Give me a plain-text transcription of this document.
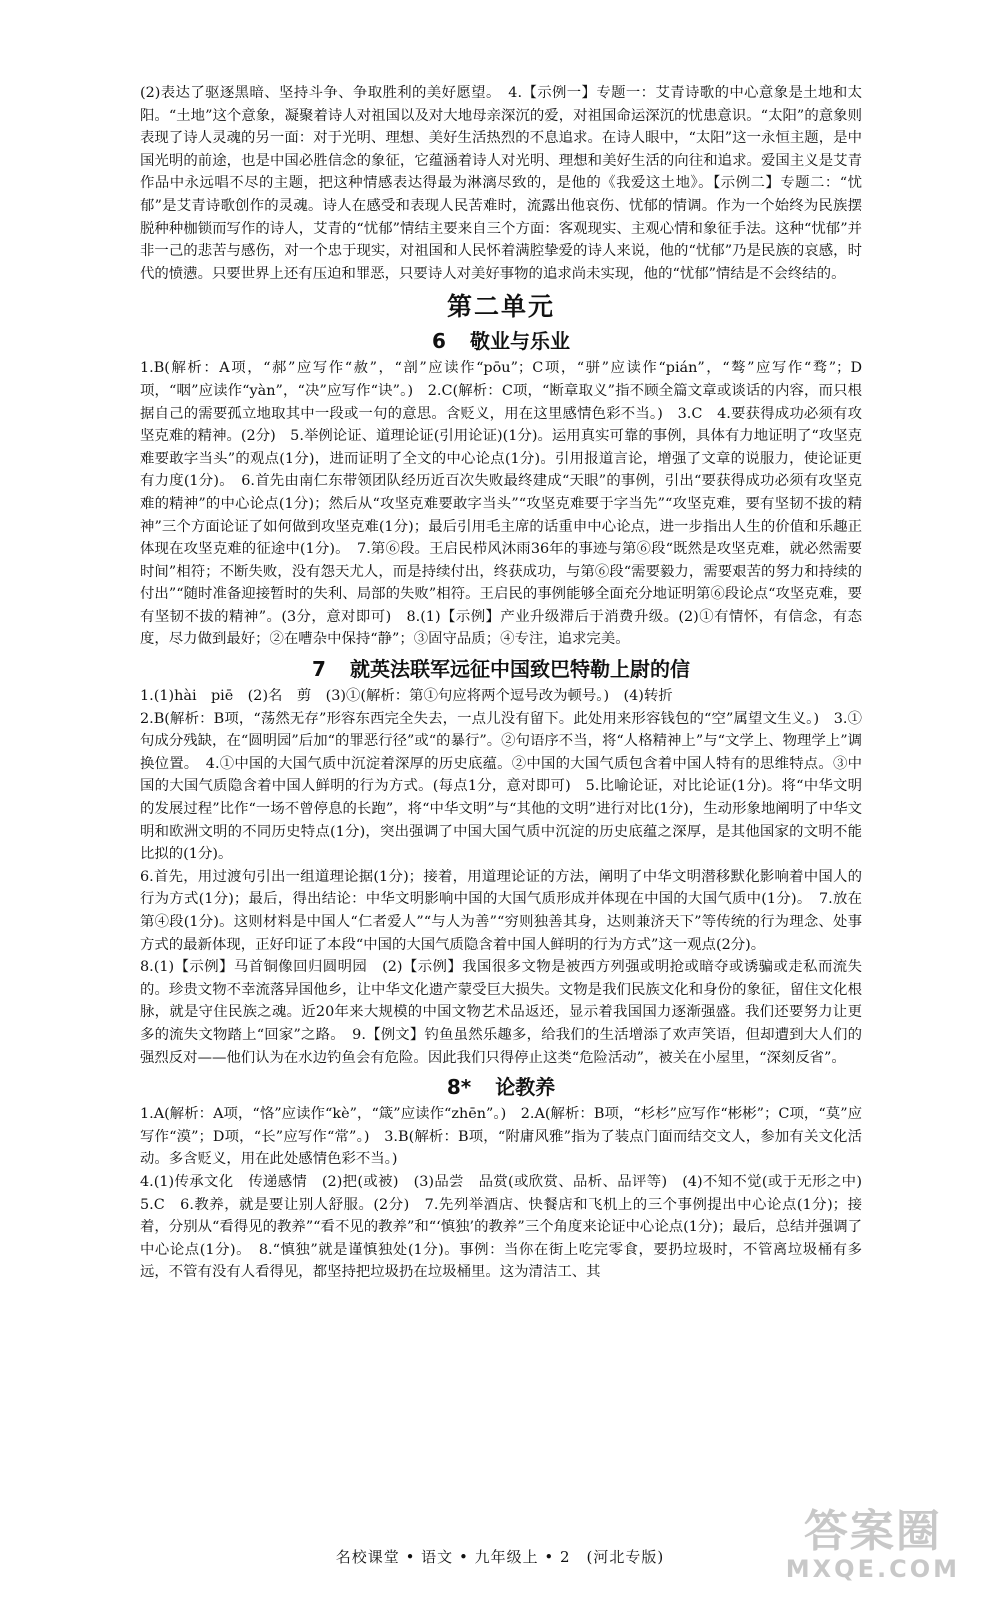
(2)表达了驱逐黑暗、坚持斗争、争取胜利的美好愿望。　4.【示例一】专题一：艾青诗歌的中心意象是土地和太阳。“土地”这个意象，凝聚着诗人对祖国以及对大地母亲深沉的爱，对祖国命运深沉的忧患意识。“太阳”的意象则表现了诗人灵魂的另一面：对于光明、理想、美好生活热烈的不息追求。在诗人眼中，“太阳”这一永恒主题，是中国光明的前途，也是中国必胜信念的象征，它蕴涵着诗人对光明、理想和美好生活的向往和追求。爱国主义是艾青作品中永远唱不尽的主题，把这种情感表达得最为淋漓尽致的，是他的《我爱这土地》。【示例二】专题二：“忧郁”是艾青诗歌创作的灵魂。诗人在感受和表现人民苦难时，流露出他哀伤、忧郁的情调。作为一个始终为民族摆脱种种枷锁而写作的诗人，艾青的“忧郁”情结主要来自三个方面：客观现实、主观心情和象征手法。这种“忧郁”并非一己的悲苦与感伤，对一个忠于现实，对祖国和人民怀着满腔挚爱的诗人来说，他的“忧郁”乃是民族的哀感，时代的愤懑。只要世界上还有压迫和罪恶，只要诗人对美好事物的追求尚未实现，他的“忧郁”情结是不会终结的。

第二单元
6 敬业与乐业

1.B(解析：A项，“郝”应写作“赦”，“剖”应读作“pōu”；C项，“骈”应读作“pián”，“骜”应写作“骛”；D项，“咽”应读作“yàn”，“决”应写作“诀”。)　2.C(解析：C项，“断章取义”指不顾全篇文章或谈话的内容，而只根据自己的需要孤立地取其中一段或一句的意思。含贬义，用在这里感情色彩不当。)　3.C　4.要获得成功必须有攻坚克难的精神。(2分)　5.举例论证、道理论证(引用论证)(1分)。运用真实可靠的事例，具体有力地证明了“攻坚克难要敢字当头”的观点(1分)，进而证明了全文的中心论点(1分)。引用报道言论，增强了文章的说服力，使论证更有力度(1分)。　6.首先由南仁东带领团队经历近百次失败最终建成“天眼”的事例，引出“要获得成功必须有攻坚克难的精神”的中心论点(1分)；然后从“攻坚克难要敢字当头”“攻坚克难要于字当先”“攻坚克难，要有坚韧不拔的精神”三个方面论证了如何做到攻坚克难(1分)；最后引用毛主席的话重申中心论点，进一步指出人生的价值和乐趣正体现在攻坚克难的征途中(1分)。　7.第⑥段。王启民栉风沐雨36年的事迹与第⑥段“既然是攻坚克难，就必然需要时间”相符；不断失败，没有怨天尤人，而是持续付出，终获成功，与第⑥段“需要毅力，需要艰苦的努力和持续的付出”“随时准备迎接暂时的失利、局部的失败”相符。王启民的事例能够全面充分地证明第⑥段论点“攻坚克难，要有坚韧不拔的精神”。(3分，意对即可)　8.(1)【示例】产业升级滞后于消费升级。(2)①有情怀，有信念，有态度，尽力做到最好；②在嘈杂中保持“静”；③固守品质；④专注，追求完美。

7 就英法联军远征中国致巴特勒上尉的信

1.(1)hài　piē　(2)名　剪　(3)①(解析：第①句应将两个逗号改为顿号。)　(4)转折

2.B(解析：B项，“荡然无存”形容东西完全失去，一点儿没有留下。此处用来形容钱包的“空”属望文生义。)　3.①句成分残缺，在“圆明园”后加“的罪恶行径”或“的暴行”。②句语序不当，将“人格精神上”与“文学上、物理学上”调换位置。　4.①中国的大国气质中沉淀着深厚的历史底蕴。②中国的大国气质包含着中国人特有的思维特点。③中国的大国气质隐含着中国人鲜明的行为方式。(每点1分，意对即可)　5.比喻论证，对比论证(1分)。将“中华文明的发展过程”比作“一场不曾停息的长跑”，将“中华文明”与“其他的文明”进行对比(1分)，生动形象地阐明了中华文明和欧洲文明的不同历史特点(1分)，突出强调了中国大国气质中沉淀的历史底蕴之深厚，是其他国家的文明不能比拟的(1分)。

6.首先，用过渡句引出一组道理论据(1分)；接着，用道理论证的方法，阐明了中华文明潜移默化影响着中国人的行为方式(1分)；最后，得出结论：中华文明影响中国的大国气质形成并体现在中国的大国气质中(1分)。　7.放在第④段(1分)。这则材料是中国人“仁者爱人”“与人为善”“穷则独善其身，达则兼济天下”等传统的行为理念、处事方式的最新体现，正好印证了本段“中国的大国气质隐含着中国人鲜明的行为方式”这一观点(2分)。

8.(1)【示例】马首铜像回归圆明园　(2)【示例】我国很多文物是被西方列强或明抢或暗夺或诱骗或走私而流失的。珍贵文物不幸流落异国他乡，让中华文化遗产蒙受巨大损失。文物是我们民族文化和身份的象征，留住文化根脉，就是守住民族之魂。近20年来大规模的中国文物艺术品返还，显示着我国国力逐渐强盛。我们还要努力让更多的流失文物踏上“回家”之路。　9.【例文】钓鱼虽然乐趣多，给我们的生活增添了欢声笑语，但却遭到大人们的强烈反对——他们认为在水边钓鱼会有危险。因此我们只得停止这类“危险活动”，被关在小屋里，“深刻反省”。

8* 论教养

1.A(解析：A项，“恪”应读作“kè”，“箴”应读作“zhēn”。)　2.A(解析：B项，“杉杉”应写作“彬彬”；C项，“莫”应写作“漠”；D项，“长”应写作“常”。)　3.B(解析：B项，“附庸风雅”指为了装点门面而结交文人，参加有关文化活动。多含贬义，用在此处感情色彩不当。)

4.(1)传承文化　传递感情　(2)把(或被)　(3)品尝　品赏(或欣赏、品析、品评等)　(4)不知不觉(或于无形之中)　5.C　6.教养，就是要让别人舒服。(2分)　7.先列举酒店、快餐店和飞机上的三个事例提出中心论点(1分)；接着，分别从“看得见的教养”“看不见的教养”和“‘慎独’的教养”三个角度来论证中心论点(1分)；最后，总结并强调了中心论点(1分)。　8.“慎独”就是谨慎独处(1分)。事例：当你在街上吃完零食，要扔垃圾时，不管离垃圾桶有多远，不管有没有人看得见，都坚持把垃圾扔在垃圾桶里。这为清洁工、其

名校课堂 • 语文 • 九年级上 • 2　(河北专版)	答案圈
MXQE.COM
